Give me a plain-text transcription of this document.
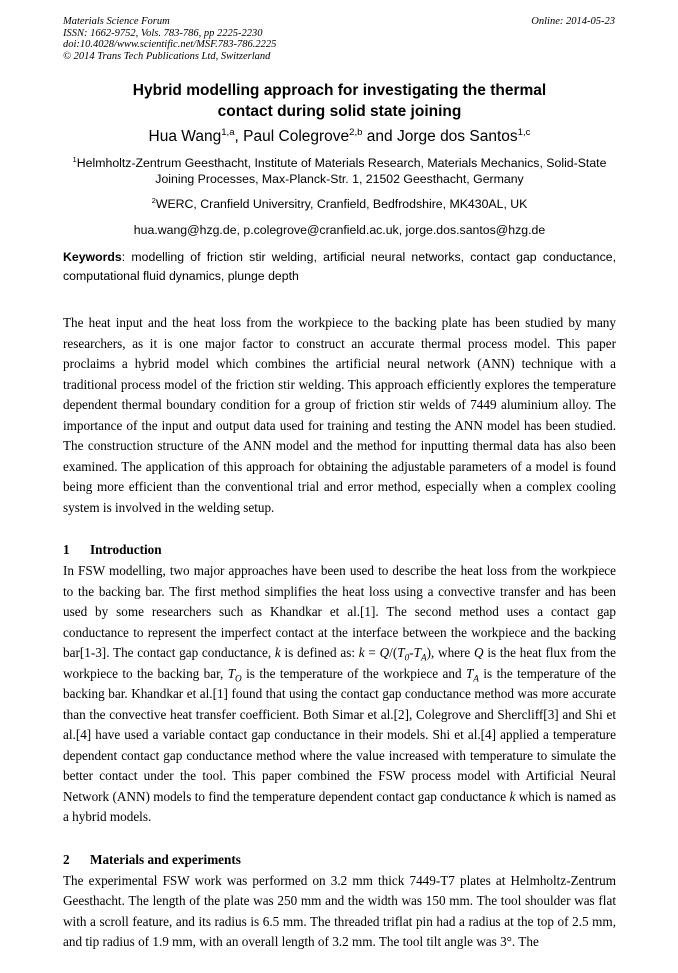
Materials Science Forum
ISSN: 1662-9752, Vols. 783-786, pp 2225-2230
doi:10.4028/www.scientific.net/MSF.783-786.2225
© 2014 Trans Tech Publications Ltd, Switzerland
Online: 2014-05-23
Hybrid modelling approach for investigating the thermal
contact during solid state joining
Hua Wang$^{1,a}$, Paul Colegrove$^{2,b}$ and Jorge dos Santos$^{1,c}$
$^1$Helmholtz-Zentrum Geesthacht, Institute of Materials Research, Materials Mechanics, Solid-State
Joining Processes, Max-Planck-Str. 1, 21502 Geesthacht, Germany
$^2$WERC, Cranfield Universitry, Cranfield, Bedfrodshire, MK430AL, UK
hua.wang@hzg.de, p.colegrove@cranfield.ac.uk, jorge.dos.santos@hzg.de
Keywords: modelling of friction stir welding, artificial neural networks, contact gap conductance, computational fluid dynamics, plunge depth
The heat input and the heat loss from the workpiece to the backing plate has been studied by many researchers, as it is one major factor to construct an accurate thermal process model. This paper proclaims a hybrid model which combines the artificial neural network (ANN) technique with a traditional process model of the friction stir welding. This approach efficiently explores the temperature dependent thermal boundary condition for a group of friction stir welds of 7449 aluminium alloy. The importance of the input and output data used for training and testing the ANN model has been studied. The construction structure of the ANN model and the method for inputting thermal data has also been examined. The application of this approach for obtaining the adjustable parameters of a model is found being more efficient than the conventional trial and error method, especially when a complex cooling system is involved in the welding setup.
1 Introduction
In FSW modelling, two major approaches have been used to describe the heat loss from the workpiece to the backing bar. The first method simplifies the heat loss using a convective transfer and has been used by some researchers such as Khandkar et al.[1]. The second method uses a contact gap conductance to represent the imperfect contact at the interface between the workpiece and the backing bar[1-3]. The contact gap conductance, k is defined as: $k = Q/(T_0-T_A)$, where Q is the heat flux from the workpiece to the backing bar, $T_O$ is the temperature of the workpiece and $T_A$ is the temperature of the backing bar. Khandkar et al.[1] found that using the contact gap conductance method was more accurate than the convective heat transfer coefficient. Both Simar et al.[2], Colegrove and Shercliff[3] and Shi et al.[4] have used a variable contact gap conductance in their models. Shi et al.[4] applied a temperature dependent contact gap conductance method where the value increased with temperature to simulate the better contact under the tool. This paper combined the FSW process model with Artificial Neural Network (ANN) models to find the temperature dependent contact gap conductance k which is named as a hybrid models.
2 Materials and experiments
The experimental FSW work was performed on 3.2 mm thick 7449-T7 plates at Helmholtz-Zentrum Geesthacht. The length of the plate was 250 mm and the width was 150 mm. The tool shoulder was flat with a scroll feature, and its radius is 6.5 mm. The threaded triflat pin had a radius at the top of 2.5 mm, and tip radius of 1.9 mm, with an overall length of 3.2 mm. The tool tilt angle was 3°. The
